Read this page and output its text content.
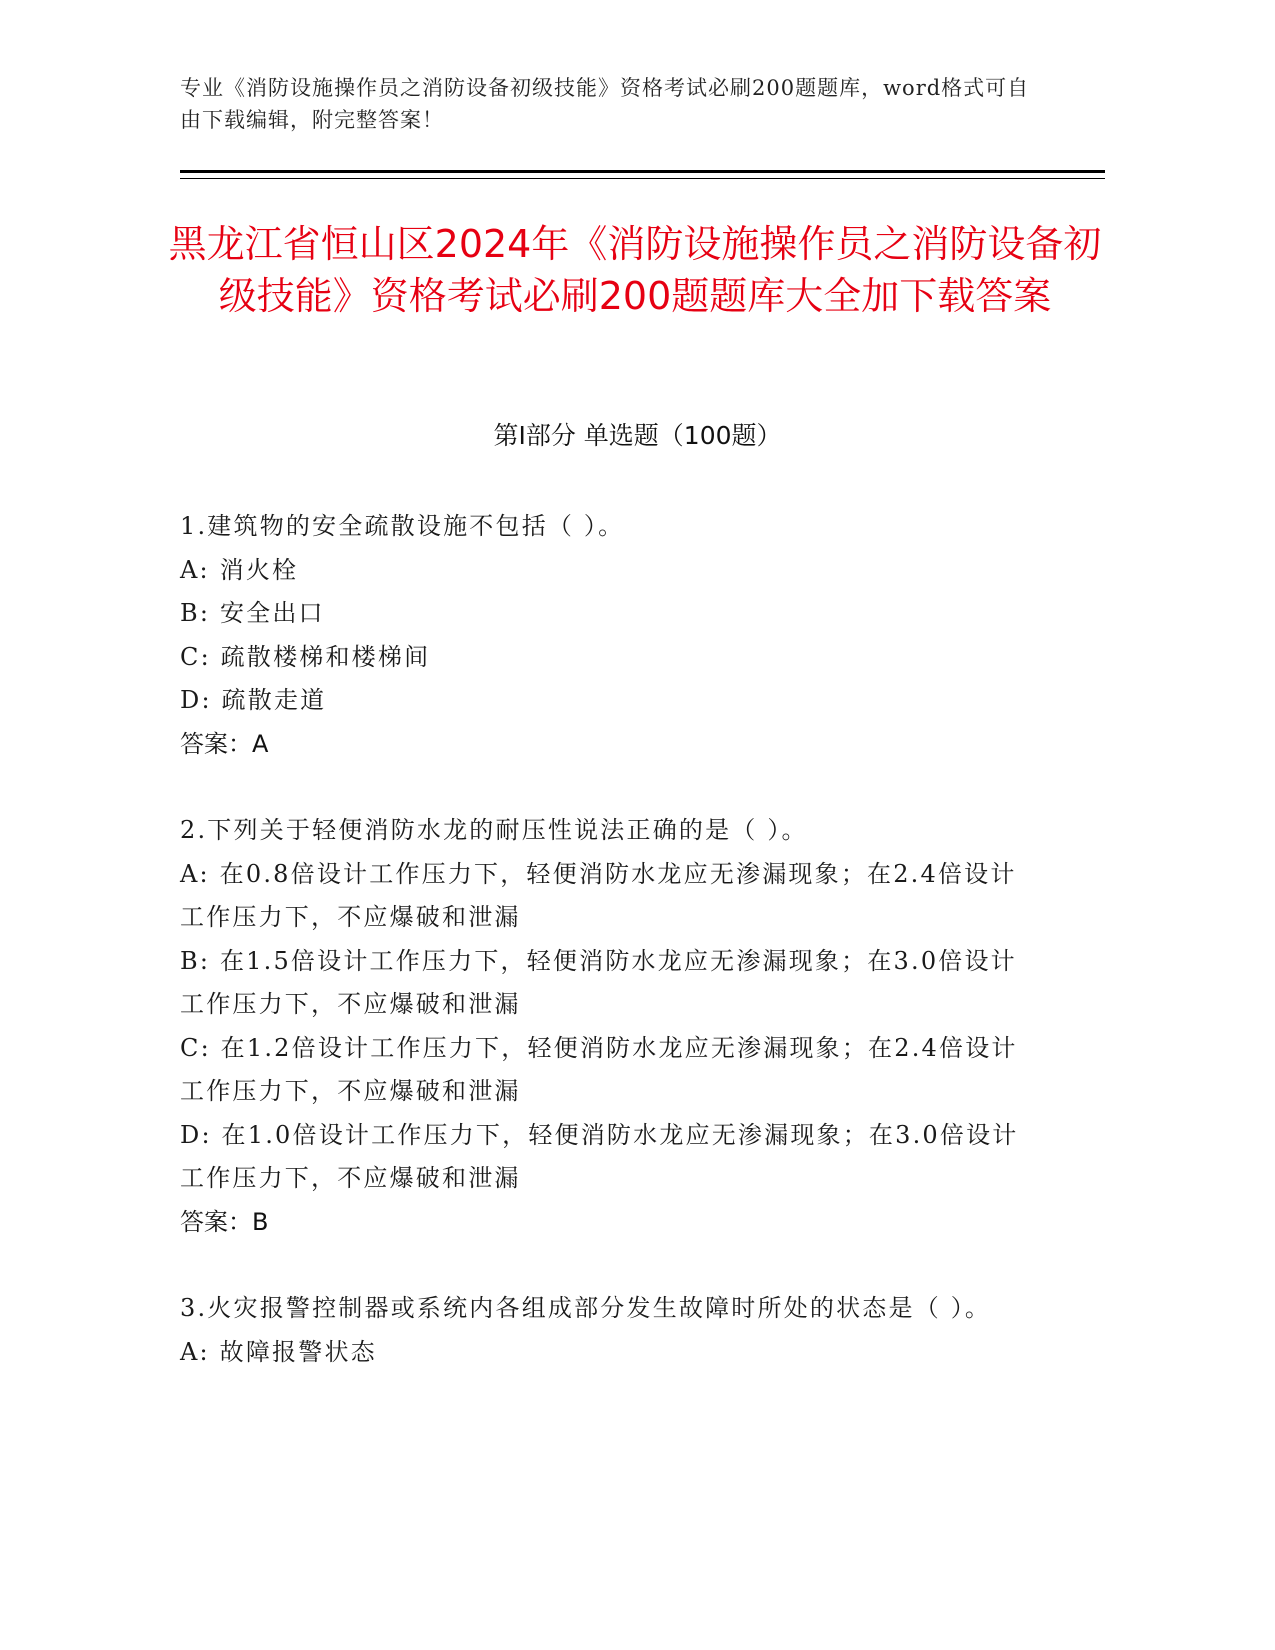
专业《消防设施操作员之消防设备初级技能》资格考试必刷200题题库，word格式可自由下载编辑，附完整答案！
黑龙江省恒山区2024年《消防设施操作员之消防设备初级技能》资格考试必刷200题题库大全加下载答案
第Ⅰ部分 单选题（100题）
1.建筑物的安全疏散设施不包括（ ）。
A: 消火栓
B: 安全出口
C: 疏散楼梯和楼梯间
D: 疏散走道
答案：A
2.下列关于轻便消防水龙的耐压性说法正确的是（ ）。
A: 在0.8倍设计工作压力下，轻便消防水龙应无渗漏现象；在2.4倍设计工作压力下，不应爆破和泄漏
B: 在1.5倍设计工作压力下，轻便消防水龙应无渗漏现象；在3.0倍设计工作压力下，不应爆破和泄漏
C: 在1.2倍设计工作压力下，轻便消防水龙应无渗漏现象；在2.4倍设计工作压力下，不应爆破和泄漏
D: 在1.0倍设计工作压力下，轻便消防水龙应无渗漏现象；在3.0倍设计工作压力下，不应爆破和泄漏
答案：B
3.火灾报警控制器或系统内各组成部分发生故障时所处的状态是（ ）。
A: 故障报警状态
